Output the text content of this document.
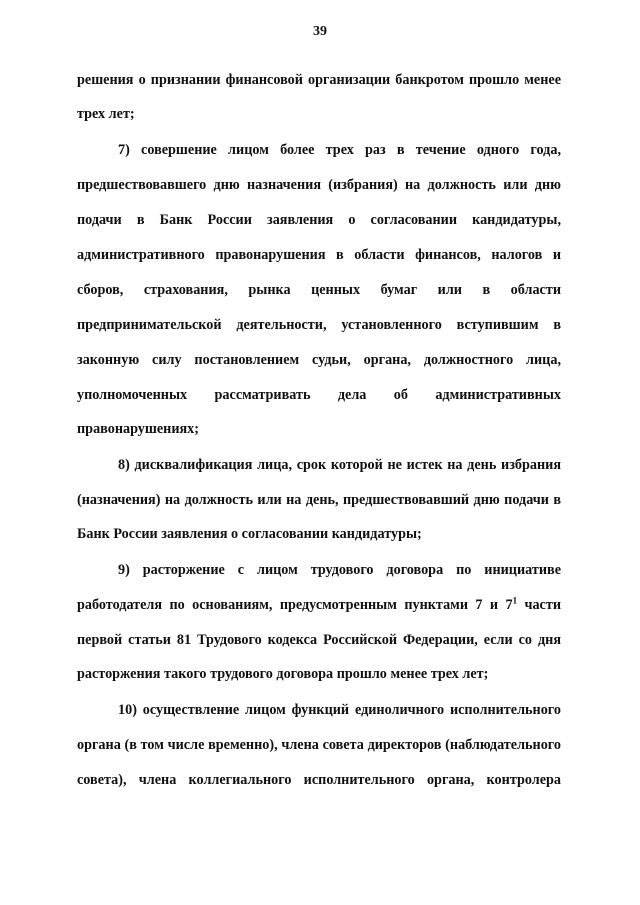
39
решения о признании финансовой организации банкротом прошло менее
трех лет;
7) совершение лицом более трех раз в течение одного года,
предшествовавшего дню назначения (избрания) на должность или дню
подачи в Банк России заявления о согласовании кандидатуры,
административного правонарушения в области финансов, налогов и
сборов, страхования, рынка ценных бумаг или в области
предпринимательской деятельности, установленного вступившим в
законную силу постановлением судьи, органа, должностного лица,
уполномоченных рассматривать дела об административных
правонарушениях;
8) дисквалификация лица, срок которой не истек на день избрания
(назначения) на должность или на день, предшествовавший дню подачи в
Банк России заявления о согласовании кандидатуры;
9) расторжение с лицом трудового договора по инициативе
работодателя по основаниям, предусмотренным пунктами 7 и $7^1$ части
первой статьи 81 Трудового кодекса Российской Федерации, если со дня
расторжения такого трудового договора прошло менее трех лет;
10) осуществление лицом функций единоличного исполнительного
органа (в том числе временно), члена совета директоров (наблюдательного
совета), члена коллегиального исполнительного органа, контролера
